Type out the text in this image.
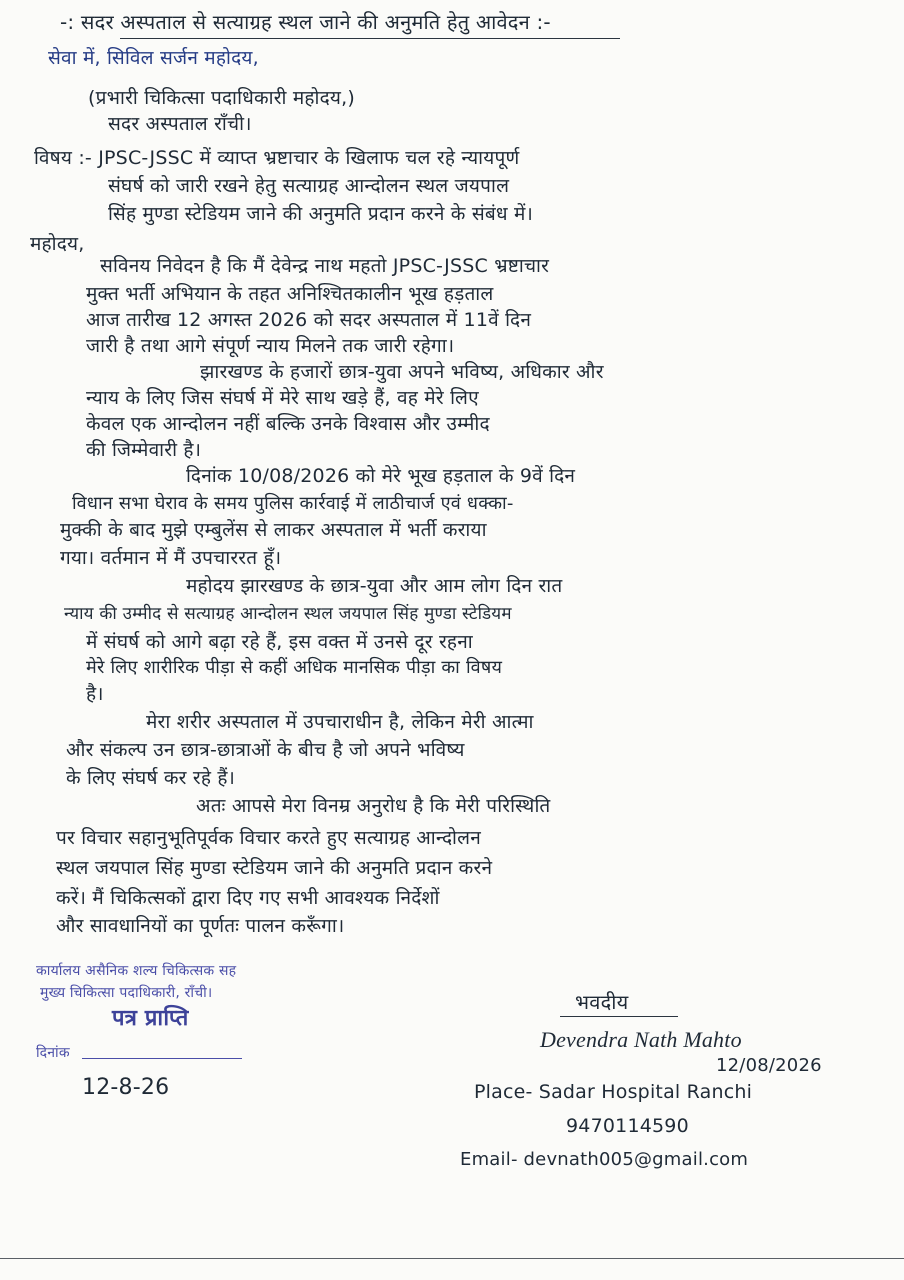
-: सदर अस्पताल से सत्याग्रह स्थल जाने की अनुमति हेतु आवेदन :-
सेवा में, सिविल सर्जन महोदय,
(प्रभारी चिकित्सा पदाधिकारी महोदय,)
सदर अस्पताल राँची।
विषय :- JPSC-JSSC में व्याप्त भ्रष्टाचार के खिलाफ चल रहे न्यायपूर्ण
संघर्ष को जारी रखने हेतु सत्याग्रह आन्दोलन स्थल जयपाल
सिंह मुण्डा स्टेडियम जाने की अनुमति प्रदान करने के संबंध में।
महोदय,
सविनय निवेदन है कि मैं देवेन्द्र नाथ महतो JPSC-JSSC भ्रष्टाचार
मुक्त भर्ती अभियान के तहत अनिश्चितकालीन भूख हड़ताल
आज तारीख 12 अगस्त 2026 को सदर अस्पताल में 11वें दिन
जारी है तथा आगे संपूर्ण न्याय मिलने तक जारी रहेगा।
झारखण्ड के हजारों छात्र-युवा अपने भविष्य, अधिकार और
न्याय के लिए जिस संघर्ष में मेरे साथ खड़े हैं, वह मेरे लिए
केवल एक आन्दोलन नहीं बल्कि उनके विश्वास और उम्मीद
की जिम्मेवारी है।
दिनांक 10/08/2026 को मेरे भूख हड़ताल के 9वें दिन
विधान सभा घेराव के समय पुलिस कार्रवाई में लाठीचार्ज एवं धक्का-
मुक्की के बाद मुझे एम्बुलेंस से लाकर अस्पताल में भर्ती कराया
गया। वर्तमान में मैं उपचाररत हूँ।
महोदय झारखण्ड के छात्र-युवा और आम लोग दिन रात
न्याय की उम्मीद से सत्याग्रह आन्दोलन स्थल जयपाल सिंह मुण्डा स्टेडियम
में संघर्ष को आगे बढ़ा रहे हैं, इस वक्त में उनसे दूर रहना
मेरे लिए शारीरिक पीड़ा से कहीं अधिक मानसिक पीड़ा का विषय
है।
मेरा शरीर अस्पताल में उपचाराधीन है, लेकिन मेरी आत्मा
और संकल्प उन छात्र-छात्राओं के बीच है जो अपने भविष्य
के लिए संघर्ष कर रहे हैं।
अतः आपसे मेरा विनम्र अनुरोध है कि मेरी परिस्थिति
पर विचार सहानुभूतिपूर्वक विचार करते हुए सत्याग्रह आन्दोलन
स्थल जयपाल सिंह मुण्डा स्टेडियम जाने की अनुमति प्रदान करने
करें। मैं चिकित्सकों द्वारा दिए गए सभी आवश्यक निर्देशों
और सावधानियों का पूर्णतः पालन करूँगा।
कार्यालय असैनिक शल्य चिकित्सक सह
मुख्य चिकित्सा पदाधिकारी, राँची।
पत्र प्राप्ति
दिनांक
12-8-26
भवदीय
Devendra Nath Mahto
12/08/2026
Place- Sadar Hospital Ranchi
9470114590
Email- devnath005@gmail.com
